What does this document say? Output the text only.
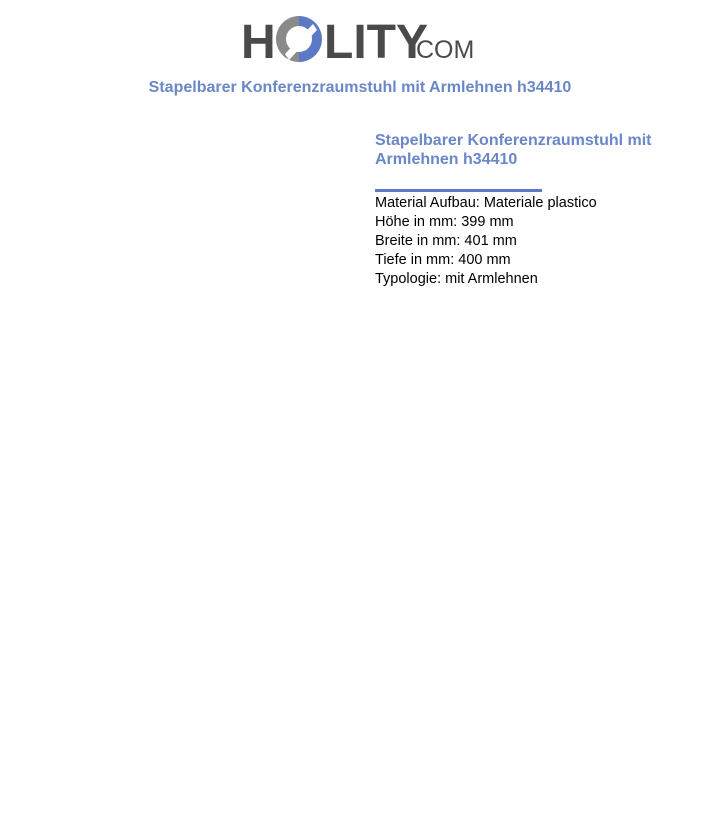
H LITY
.COM
Stapelbarer Konferenzraumstuhl mit Armlehnen h34410
Stapelbarer Konferenzraumstuhl mit Armlehnen h34410
Material Aufbau: Materiale plastico
Höhe in mm: 399 mm
Breite in mm: 401 mm
Tiefe in mm: 400 mm
Typologie: mit Armlehnen
